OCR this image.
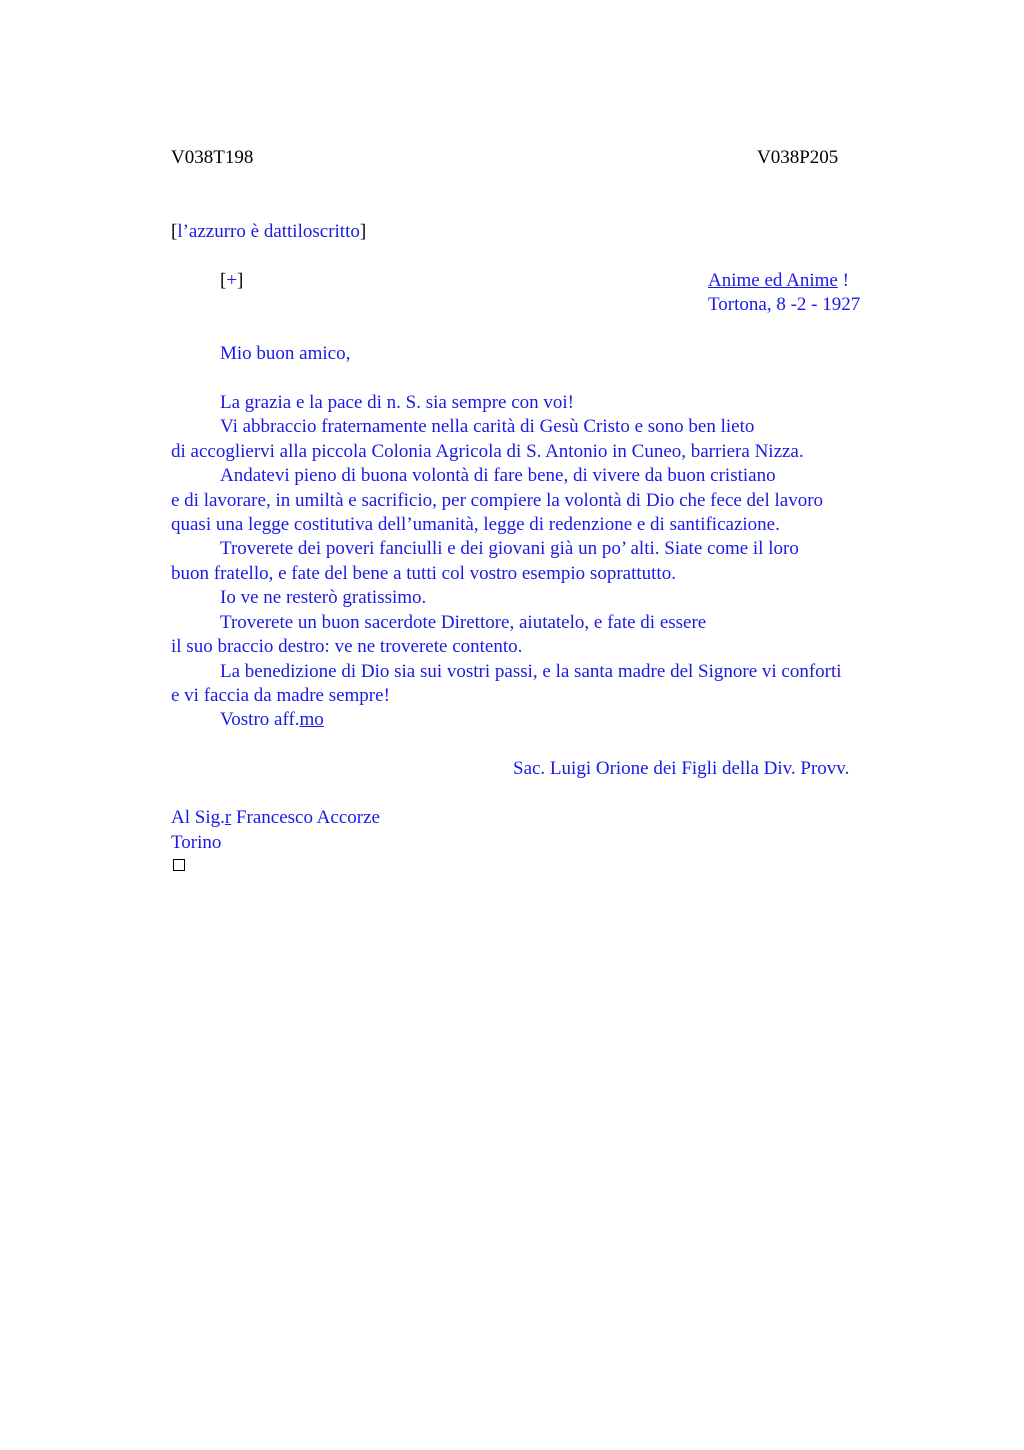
V038T198	V038P205
[l’azzurro è dattiloscritto]
[+]	Anime ed Anime !
Tortona, 8 -2 - 1927
Mio buon amico,
La grazia e la pace di n. S. sia sempre con voi!
Vi abbraccio fraternamente nella carità di Gesù Cristo e sono ben lieto
di accogliervi alla piccola Colonia Agricola di S. Antonio in Cuneo, barriera Nizza.
Andatevi pieno di buona volontà di fare bene, di vivere da buon cristiano
e di lavorare, in umiltà e sacrificio, per compiere la volontà di Dio che fece del lavoro
quasi una legge costitutiva dell’umanità, legge di redenzione e di santificazione.
Troverete dei poveri fanciulli e dei giovani già un po’ alti. Siate come il loro
buon fratello, e fate del bene a tutti col vostro esempio soprattutto.
Io ve ne resterò gratissimo.
Troverete un buon sacerdote Direttore, aiutatelo, e fate di essere
il suo braccio destro: ve ne troverete contento.
La benedizione di Dio sia sui vostri passi, e la santa madre del Signore vi conforti
e vi faccia da madre sempre!
Vostro aff.mo
Sac. Luigi Orione dei Figli della Div. Provv.
Al Sig.r Francesco Accorze
Torino
